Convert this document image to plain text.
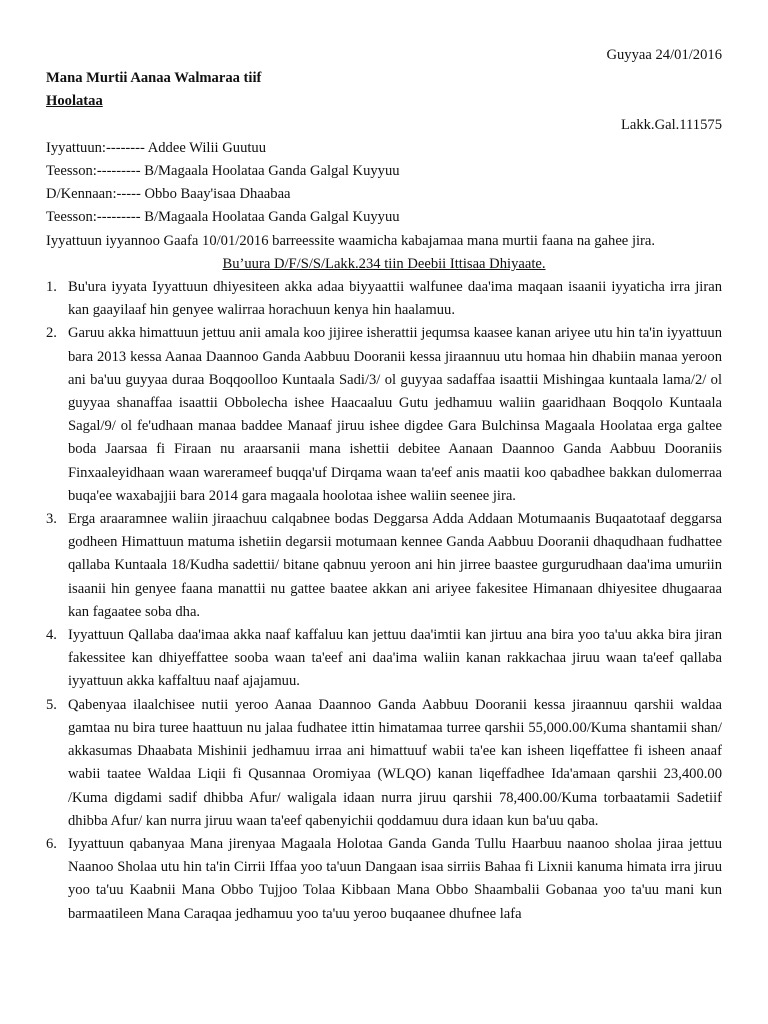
Guyyaa 24/01/2016
Mana Murtii Aanaa Walmaraa tiif
Hoolataa
Lakk.Gal.111575
Iyyattuun:-------- Addee Wilii Guutuu
Teesson:--------- B/Magaala Hoolataa Ganda Galgal Kuyyuu
D/Kennaan:----- Obbo Baay'isaa Dhaabaa
Teesson:--------- B/Magaala Hoolataa Ganda Galgal Kuyyuu
Iyyattuun iyyannoo Gaafa 10/01/2016 barreessite waamicha kabajamaa mana murtii faana na gahee jira.
Bu’uura D/F/S/S/Lakk.234 tiin Deebii Ittisaa Dhiyaate.
1. Bu'ura iyyata Iyyattuun dhiyesiteen akka adaa biyyaattii walfunee daa'ima maqaan isaanii iyyaticha irra jiran kan gaayilaaf hin genyee walirraa horachuun kenya hin haalamuu.
2. Garuu akka himattuun jettuu anii amala koo jijiree isherattii jequmsa kaasee kanan ariyee utu hin ta'in iyyattuun bara 2013 kessa Aanaa Daannoo Ganda Aabbuu Dooranii kessa jiraannuu utu homaa hin dhabiin manaa yeroon ani ba'uu guyyaa duraa Boqqoolloo Kuntaala Sadi/3/ ol guyyaa sadaffaa isaattii Mishingaa kuntaala lama/2/ ol guyyaa shanaffaa isaattii Obbolecha ishee Haacaaluu Gutu jedhamuu waliin gaaridhaan Boqqolo Kuntaala Sagal/9/ ol fe'udhaan manaa baddee Manaaf jiruu ishee digdee Gara Bulchinsa Magaala Hoolataa erga galtee boda Jaarsaa fi Firaan nu araarsanii mana ishettii debitee Aanaan Daannoo Ganda Aabbuu Dooraniis Finxaaleyidhaan waan warerameef buqqa'uf Dirqama waan ta'eef anis maatii koo qabadhee bakkan dulomerraa buqa'ee waxabajjii bara 2014 gara magaala hoolotaa ishee waliin seenee jira.
3. Erga araaramnee waliin jiraachuu calqabnee bodas Deggarsa Adda Addaan Motumaanis Buqaatotaaf deggarsa godheen Himattuun matuma ishetiin degarsii motumaan kennee Ganda Aabbuu Dooranii dhaqudhaan fudhattee qallaba Kuntaala 18/Kudha sadettii/ bitane qabnuu yeroon ani hin jirree baastee gurgurudhaan daa'ima umuriin isaanii hin genyee faana manattii nu gattee baatee akkan ani ariyee fakesitee Himanaan dhiyesitee dhugaaraa kan fagaatee soba dha.
4. Iyyattuun Qallaba daa'imaa akka naaf kaffaluu kan jettuu daa'imtii kan jirtuu ana bira yoo ta'uu akka bira jiran fakessitee kan dhiyeffattee sooba waan ta'eef ani daa'ima waliin kanan rakkachaa jiruu waan ta'eef qallaba iyyattuun akka kaffaltuu naaf ajajamuu.
5. Qabenyaa ilaalchisee nutii yeroo Aanaa Daannoo Ganda Aabbuu Dooranii kessa jiraannuu qarshii waldaa gamtaa nu bira turee haattuun nu jalaa fudhatee ittin himatamaa turree qarshii 55,000.00/Kuma shantamii shan/ akkasumas Dhaabata Mishinii jedhamuu irraa ani himattuuf wabii ta'ee kan isheen liqeffattee fi isheen anaaf wabii taatee Waldaa Liqii fi Qusannaa Oromiyaa (WLQO) kanan liqeffadhee Ida'amaan qarshii 23,400.00 /Kuma digdami sadif dhibba Afur/ waligala idaan nurra jiruu qarshii 78,400.00/Kuma torbaatamii Sadetiif dhibba Afur/ kan nurra jiruu waan ta'eef qabenyichii qoddamuu dura idaan kun ba'uu qaba.
6. Iyyattuun qabanyaa Mana jirenyaa Magaala Holotaa Ganda Ganda Tullu Haarbuu naanoo sholaa jiraa jettuu Naanoo Sholaa utu hin ta'in Cirrii Iffaa yoo ta'uun Dangaan isaa sirriis Bahaa fi Lixnii kanuma himata irra jiruu yoo ta'uu Kaabnii Mana Obbo Tujjoo Tolaa Kibbaan Mana Obbo Shaambalii Gobanaa yoo ta'uu mani kun barmaatileen Mana Caraqaa jedhamuu yoo ta'uu yeroo buqaanee dhufnee lafa
